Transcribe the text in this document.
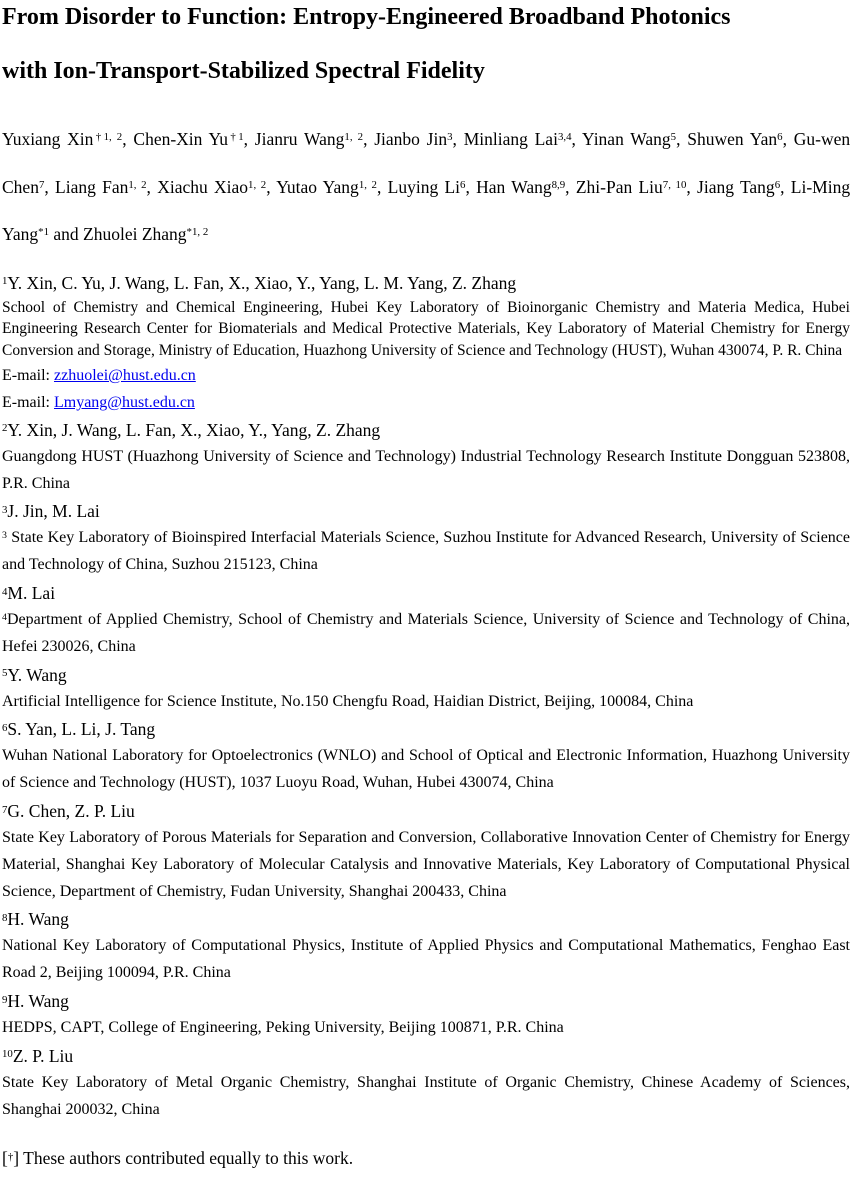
From Disorder to Function: Entropy-Engineered Broadband Photonics
with Ion-Transport-Stabilized Spectral Fidelity

Yuxiang Xin$^{\dagger 1, 2}$, Chen-Xin Yu$^{\dagger 1}$, Jianru Wang$^{1, 2}$, Jianbo Jin$^3$, Minliang Lai$^{3,4}$, Yinan Wang$^5$, Shuwen Yan$^6$, Gu-wen Chen$^7$, Liang Fan$^{1, 2}$, Xiachu Xiao$^{1, 2}$, Yutao Yang$^{1, 2}$, Luying Li$^6$, Han Wang$^{8,9}$, Zhi-Pan Liu$^{7, 10}$, Jiang Tang$^6$, Li-Ming Yang$^{*1}$ and Zhuolei Zhang$^{*1, 2}$

$^1$Y. Xin, C. Yu, J. Wang, L. Fan, X., Xiao, Y., Yang, L. M. Yang, Z. Zhang

School of Chemistry and Chemical Engineering, Hubei Key Laboratory of Bioinorganic Chemistry and Materia Medica, Hubei Engineering Research Center for Biomaterials and Medical Protective Materials, Key Laboratory of Material Chemistry for Energy Conversion and Storage, Ministry of Education, Huazhong University of Science and Technology (HUST), Wuhan 430074, P. R. China

E-mail: zzhuolei@hust.edu.cn

E-mail: Lmyang@hust.edu.cn

$^2$Y. Xin, J. Wang, L. Fan, X., Xiao, Y., Yang, Z. Zhang

Guangdong HUST (Huazhong University of Science and Technology) Industrial Technology Research Institute Dongguan 523808, P.R. China

$^3$J. Jin, M. Lai

$^3$ State Key Laboratory of Bioinspired Interfacial Materials Science, Suzhou Institute for Advanced Research, University of Science and Technology of China, Suzhou 215123, China

$^4$M. Lai

$^4$Department of Applied Chemistry, School of Chemistry and Materials Science, University of Science and Technology of China, Hefei 230026, China

$^5$Y. Wang

Artificial Intelligence for Science Institute, No.150 Chengfu Road, Haidian District, Beijing, 100084, China

$^6$S. Yan, L. Li, J. Tang

Wuhan National Laboratory for Optoelectronics (WNLO) and School of Optical and Electronic Information, Huazhong University of Science and Technology (HUST), 1037 Luoyu Road, Wuhan, Hubei 430074, China

$^7$G. Chen, Z. P. Liu

State Key Laboratory of Porous Materials for Separation and Conversion, Collaborative Innovation Center of Chemistry for Energy Material, Shanghai Key Laboratory of Molecular Catalysis and Innovative Materials, Key Laboratory of Computational Physical Science, Department of Chemistry, Fudan University, Shanghai 200433, China

$^8$H. Wang

National Key Laboratory of Computational Physics, Institute of Applied Physics and Computational Mathematics, Fenghao East Road 2, Beijing 100094, P.R. China

$^9$H. Wang

HEDPS, CAPT, College of Engineering, Peking University, Beijing 100871, P.R. China

$^{10}$Z. P. Liu

State Key Laboratory of Metal Organic Chemistry, Shanghai Institute of Organic Chemistry, Chinese Academy of Sciences, Shanghai 200032, China

[†] These authors contributed equally to this work.
